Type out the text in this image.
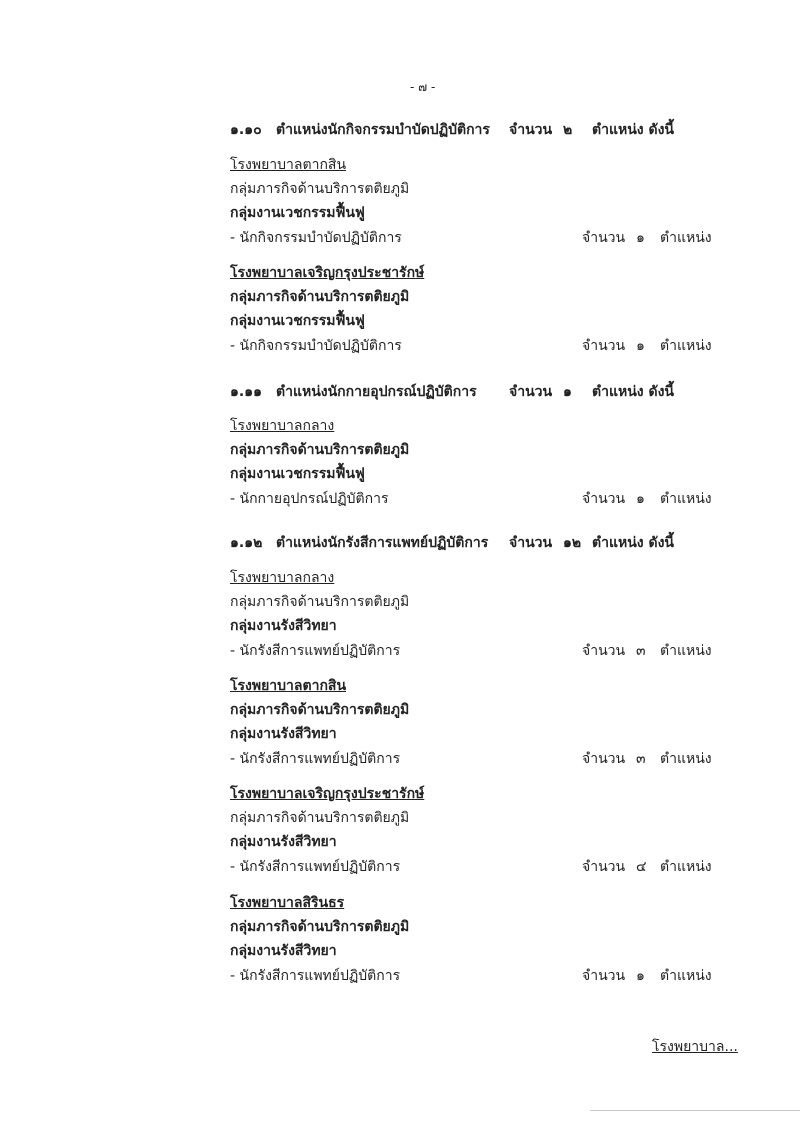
- ๗ -
๑.๑๐ ตำแหน่งนักกิจกรรมบำบัดปฏิบัติการ จำนวน ๒ ตำแหน่ง ดังนี้
โรงพยาบาลตากสิน
กลุ่มภารกิจด้านบริการตติยภูมิ
กลุ่มงานเวชกรรมฟื้นฟู
- นักกิจกรรมบำบัดปฏิบัติการ	จำนวน ๑ ตำแหน่ง
โรงพยาบาลเจริญกรุงประชารักษ์
กลุ่มภารกิจด้านบริการตติยภูมิ
กลุ่มงานเวชกรรมฟื้นฟู
- นักกิจกรรมบำบัดปฏิบัติการ	จำนวน ๑ ตำแหน่ง
๑.๑๑ ตำแหน่งนักกายอุปกรณ์ปฏิบัติการ จำนวน ๑ ตำแหน่ง ดังนี้
โรงพยาบาลกลาง
กลุ่มภารกิจด้านบริการตติยภูมิ
กลุ่มงานเวชกรรมฟื้นฟู
- นักกายอุปกรณ์ปฏิบัติการ	จำนวน ๑ ตำแหน่ง
๑.๑๒ ตำแหน่งนักรังสีการแพทย์ปฏิบัติการ จำนวน ๑๒ ตำแหน่ง ดังนี้
โรงพยาบาลกลาง
กลุ่มภารกิจด้านบริการตติยภูมิ
กลุ่มงานรังสีวิทยา
- นักรังสีการแพทย์ปฏิบัติการ	จำนวน ๓ ตำแหน่ง
โรงพยาบาลตากสิน
กลุ่มภารกิจด้านบริการตติยภูมิ
กลุ่มงานรังสีวิทยา
- นักรังสีการแพทย์ปฏิบัติการ	จำนวน ๓ ตำแหน่ง
โรงพยาบาลเจริญกรุงประชารักษ์
กลุ่มภารกิจด้านบริการตติยภูมิ
กลุ่มงานรังสีวิทยา
- นักรังสีการแพทย์ปฏิบัติการ	จำนวน ๔ ตำแหน่ง
โรงพยาบาลสิรินธร
กลุ่มภารกิจด้านบริการตติยภูมิ
กลุ่มงานรังสีวิทยา
- นักรังสีการแพทย์ปฏิบัติการ	จำนวน ๑ ตำแหน่ง
โรงพยาบาล...
